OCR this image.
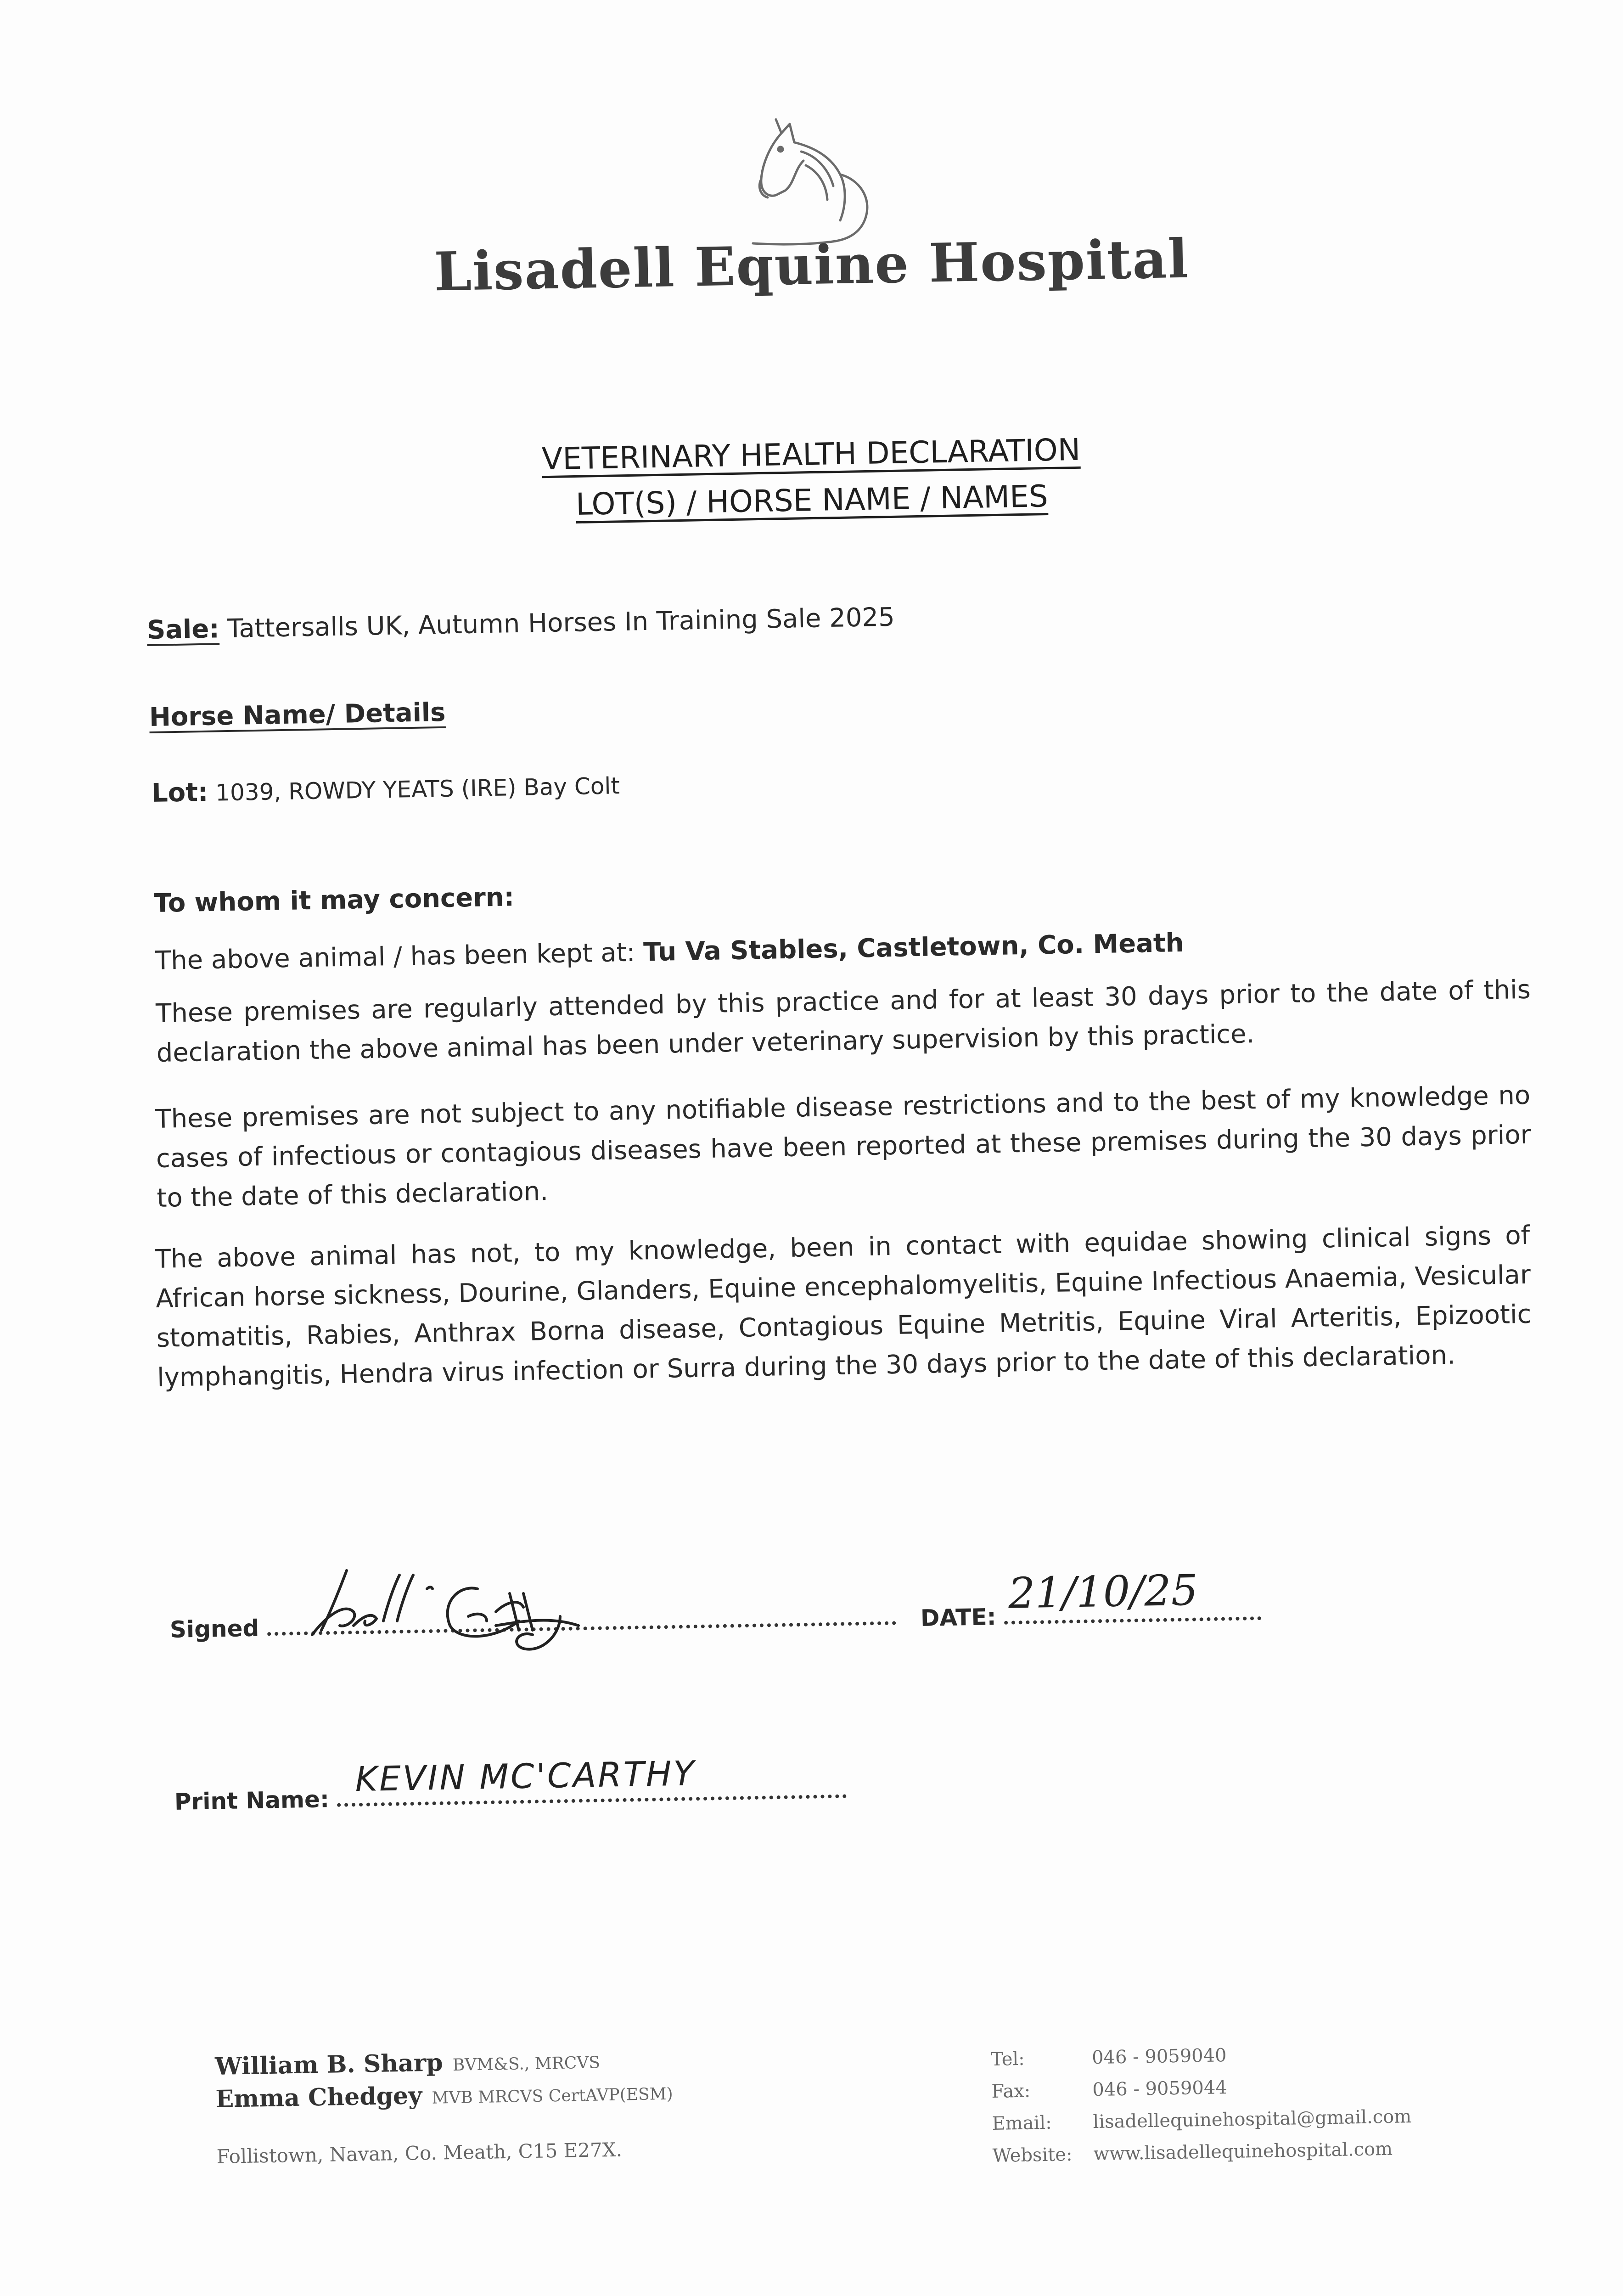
Lisadell Equine Hospital
VETERINARY HEALTH DECLARATION
LOT(S) / HORSE NAME / NAMES
Sale: Tattersalls UK, Autumn Horses In Training Sale 2025
Horse Name/ Details
Lot: 1039, ROWDY YEATS (IRE) Bay Colt
To whom it may concern:
The above animal / has been kept at: Tu Va Stables, Castletown, Co. Meath
These premises are regularly attended by this practice and for at least 30 days prior to the date of this declaration the above animal has been under veterinary supervision by this practice.
These premises are not subject to any notifiable disease restrictions and to the best of my knowledge no cases of infectious or contagious diseases have been reported at these premises during the 30 days prior to the date of this declaration.
The above animal has not, to my knowledge, been in contact with equidae showing clinical signs of African horse sickness, Dourine, Glanders, Equine encephalomyelitis, Equine Infectious Anaemia, Vesicular stomatitis, Rabies, Anthrax Borna disease, Contagious Equine Metritis, Equine Viral Arteritis, Epizootic lymphangitis, Hendra virus infection or Surra during the 30 days prior to the date of this declaration.
Signed	DATE: 21/10/25
Print Name:
KEVIN MC'CARTHY
William B. Sharp BVM&S., MRCVS
Emma Chedgey MVB MRCVS CertAVP(ESM)
Follistown, Navan, Co. Meath, C15 E27X.
Tel:	046 - 9059040
Fax:	046 - 9059044
Email:	lisadellequinehospital@gmail.com
Website:	www.lisadellequinehospital.com
